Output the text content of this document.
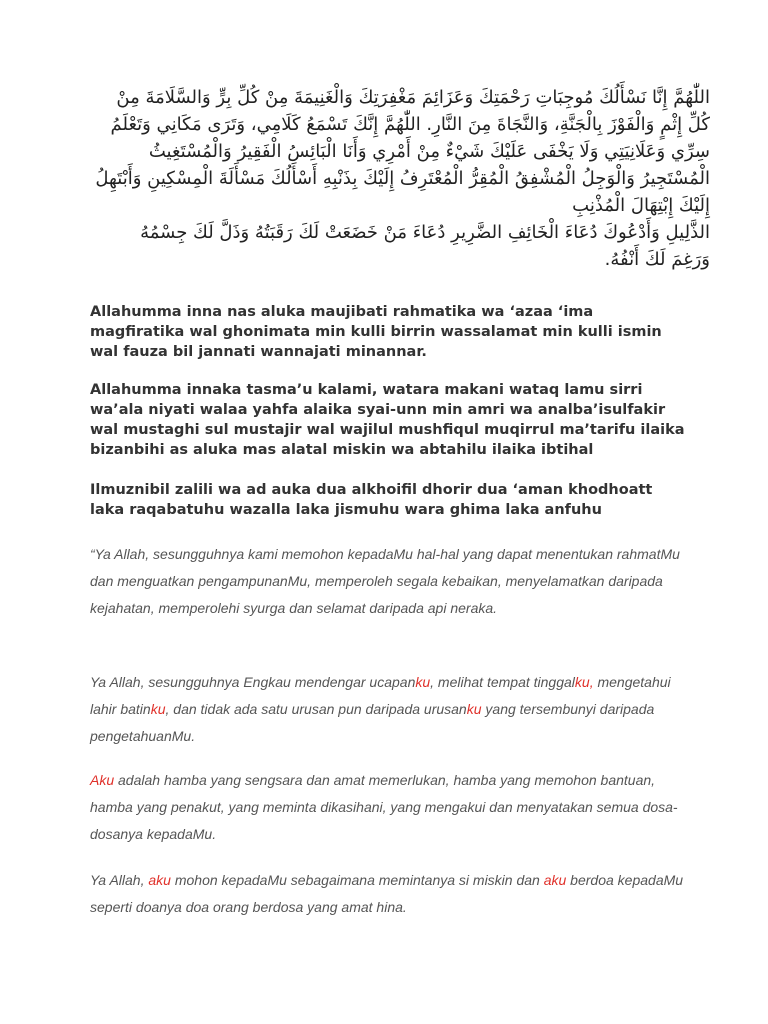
اللّٰهُمَّ إِنَّا نَسْأَلُكَ مُوجِبَاتِ رَحْمَتِكَ وَعَزَائِمَ مَغْفِرَتِكَ وَالْغَنِيمَةَ مِنْ كُلِّ بِرٍّ وَالسَّلَامَةَ مِنْ

كُلِّ إِثْمٍ وَالْفَوْزَ بِالْجَنَّةِ، وَالنَّجَاةَ مِنَ النَّارِ. اللّٰهُمَّ إِنَّكَ تَسْمَعُ كَلَامِي، وَتَرَى مَكَانِي وَتَعْلَمُ

سِرِّي وَعَلَانِيَتِي وَلَا يَخْفَى عَلَيْكَ شَيْءٌ مِنْ أَمْرِي وَأَنَا الْبَائِسُ الْفَقِيرُ وَالْمُسْتَغِيثُ

الْمُسْتَجِيرُ وَالْوَجِلُ الْمُشْفِقُ الْمُقِرُّ الْمُعْتَرِفُ إِلَيْكَ بِذَنْبِهِ أَسْأَلُكَ مَسْأَلَةَ الْمِسْكِينِ وَأَبْتَهِلُ

إِلَيْكَ إِبْتِهَالَ الْمُذْنِبِ

الذَّلِيلِ وَأَدْعُوكَ دُعَاءَ الْخَائِفِ الضَّرِيرِ دُعَاءَ مَنْ خَضَعَتْ لَكَ رَقَبَتُهُ وَذَلَّ لَكَ جِسْمُهُ

وَرَغِمَ لَكَ أَنْفُهُ.

Allahumma inna nas aluka maujibati rahmatika wa ‘azaa ‘ima magfiratika wal ghonimata min kulli birrin wassalamat min kulli ismin wal fauza bil jannati wannajati minannar.

Allahumma innaka tasma’u kalami, watara makani wataq lamu sirri wa’ala niyati walaa yahfa alaika syai-unn min amri wa analba’isulfakir wal mustaghi sul mustajir wal wajilul mushfiqul muqirrul ma’tarifu ilaika bizanbihi as aluka mas alatal miskin wa abtahilu ilaika ibtihal

Ilmuznibil zalili wa ad auka dua alkhoifil dhorir dua ‘aman khodhoatt laka raqabatuhu wazalla laka jismuhu wara ghima laka anfuhu

“Ya Allah, sesungguhnya kami memohon kepadaMu hal-hal yang dapat menentukan rahmatMu dan menguatkan pengampunanMu, memperoleh segala kebaikan, menyelamatkan daripada kejahatan, memperolehi syurga dan selamat daripada api neraka.

Ya Allah, sesungguhnya Engkau mendengar ucapanku, melihat tempat tinggalku, mengetahui lahir batinku, dan tidak ada satu urusan pun daripada urusanku yang tersembunyi daripada pengetahuanMu.

Aku adalah hamba yang sengsara dan amat memerlukan, hamba yang memohon bantuan, hamba yang penakut, yang meminta dikasihani, yang mengakui dan menyatakan semua dosa-dosanya kepadaMu.

Ya Allah, aku mohon kepadaMu sebagaimana memintanya si miskin dan aku berdoa kepadaMu seperti doanya doa orang berdosa yang amat hina.
